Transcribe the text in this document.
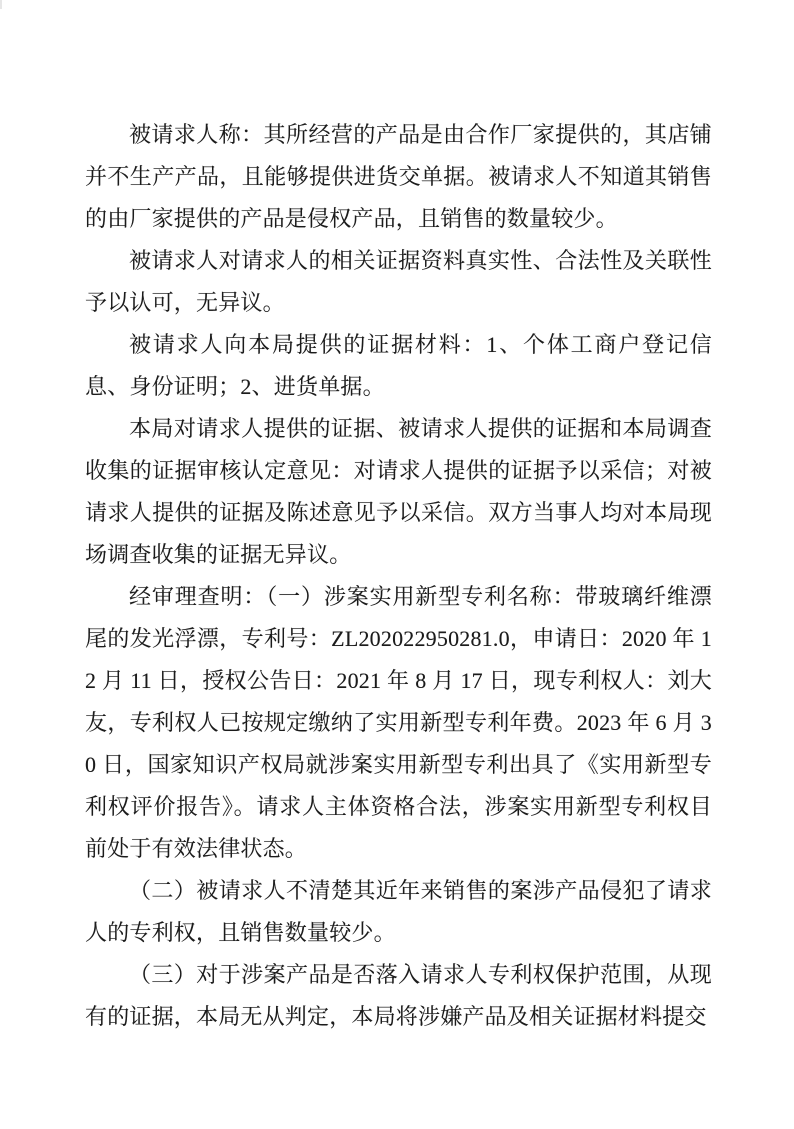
被请求人称：其所经营的产品是由合作厂家提供的，其店铺并不生产产品，且能够提供进货交单据。被请求人不知道其销售的由厂家提供的产品是侵权产品，且销售的数量较少。

被请求人对请求人的相关证据资料真实性、合法性及关联性予以认可，无异议。

被请求人向本局提供的证据材料：1、个体工商户登记信息、身份证明；2、进货单据。

本局对请求人提供的证据、被请求人提供的证据和本局调查收集的证据审核认定意见：对请求人提供的证据予以采信；对被请求人提供的证据及陈述意见予以采信。双方当事人均对本局现场调查收集的证据无异议。

经审理查明：（一）涉案实用新型专利名称：带玻璃纤维漂尾的发光浮漂，专利号：ZL202022950281.0，申请日：2020 年 12 月 11 日，授权公告日：2021 年 8 月 17 日，现专利权人：刘大友，专利权人已按规定缴纳了实用新型专利年费。2023 年 6 月 30 日，国家知识产权局就涉案实用新型专利出具了《实用新型专利权评价报告》。请求人主体资格合法，涉案实用新型专利权目前处于有效法律状态。

（二）被请求人不清楚其近年来销售的案涉产品侵犯了请求人的专利权，且销售数量较少。

（三）对于涉案产品是否落入请求人专利权保护范围，从现有的证据，本局无从判定，本局将涉嫌产品及相关证据材料提交
